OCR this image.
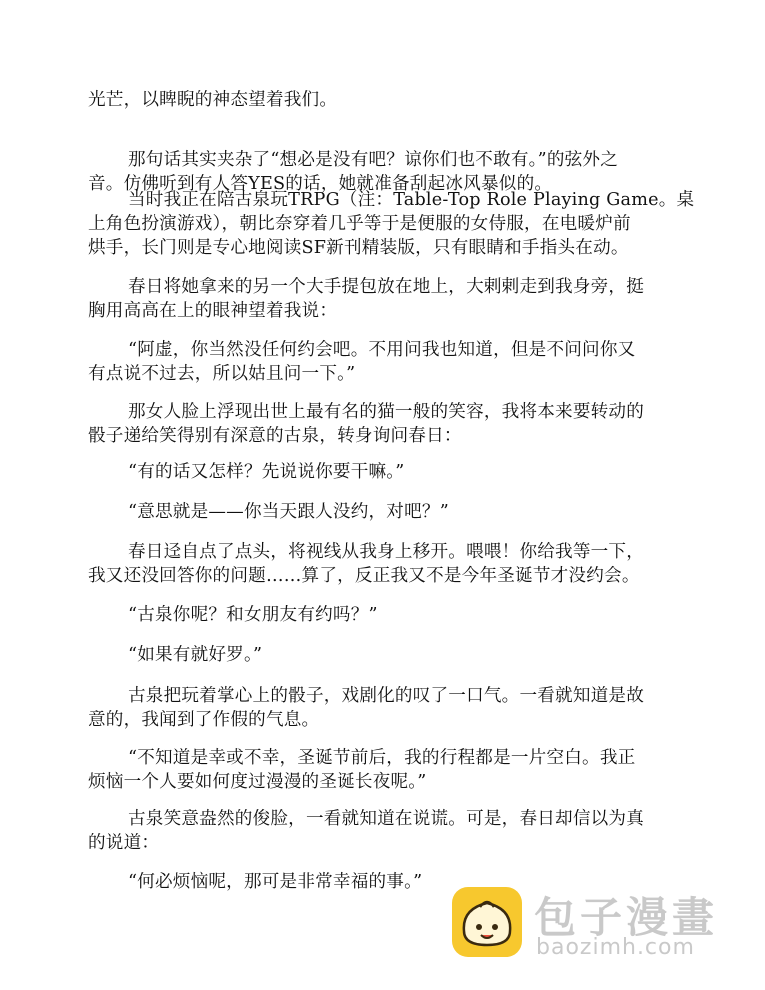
光芒，以睥睨的神态望着我们。

那句话其实夹杂了“想必是没有吧？谅你们也不敢有。”的弦外之
音。仿佛听到有人答YES的话，她就准备刮起冰风暴似的。

当时我正在陪古泉玩TRPG（注：Table-Top Role Playing Game。桌
上角色扮演游戏），朝比奈穿着几乎等于是便服的女侍服，在电暖炉前
烘手，长门则是专心地阅读SF新刊精装版，只有眼睛和手指头在动。

春日将她拿来的另一个大手提包放在地上，大剌剌走到我身旁，挺
胸用高高在上的眼神望着我说：

“阿虚，你当然没任何约会吧。不用问我也知道，但是不问问你又
有点说不过去，所以姑且问一下。”

那女人脸上浮现出世上最有名的猫一般的笑容，我将本来要转动的
骰子递给笑得别有深意的古泉，转身询问春日：

“有的话又怎样？先说说你要干嘛。”

“意思就是——你当天跟人没约，对吧？”

春日迳自点了点头，将视线从我身上移开。喂喂！你给我等一下，
我又还没回答你的问题……算了，反正我又不是今年圣诞节才没约会。

“古泉你呢？和女朋友有约吗？”

“如果有就好罗。”

古泉把玩着掌心上的骰子，戏剧化的叹了一口气。一看就知道是故
意的，我闻到了作假的气息。

“不知道是幸或不幸，圣诞节前后，我的行程都是一片空白。我正
烦恼一个人要如何度过漫漫的圣诞长夜呢。”

古泉笑意盎然的俊脸，一看就知道在说谎。可是，春日却信以为真
的说道：

“何必烦恼呢，那可是非常幸福的事。”

包子漫畫
baozimh.com
